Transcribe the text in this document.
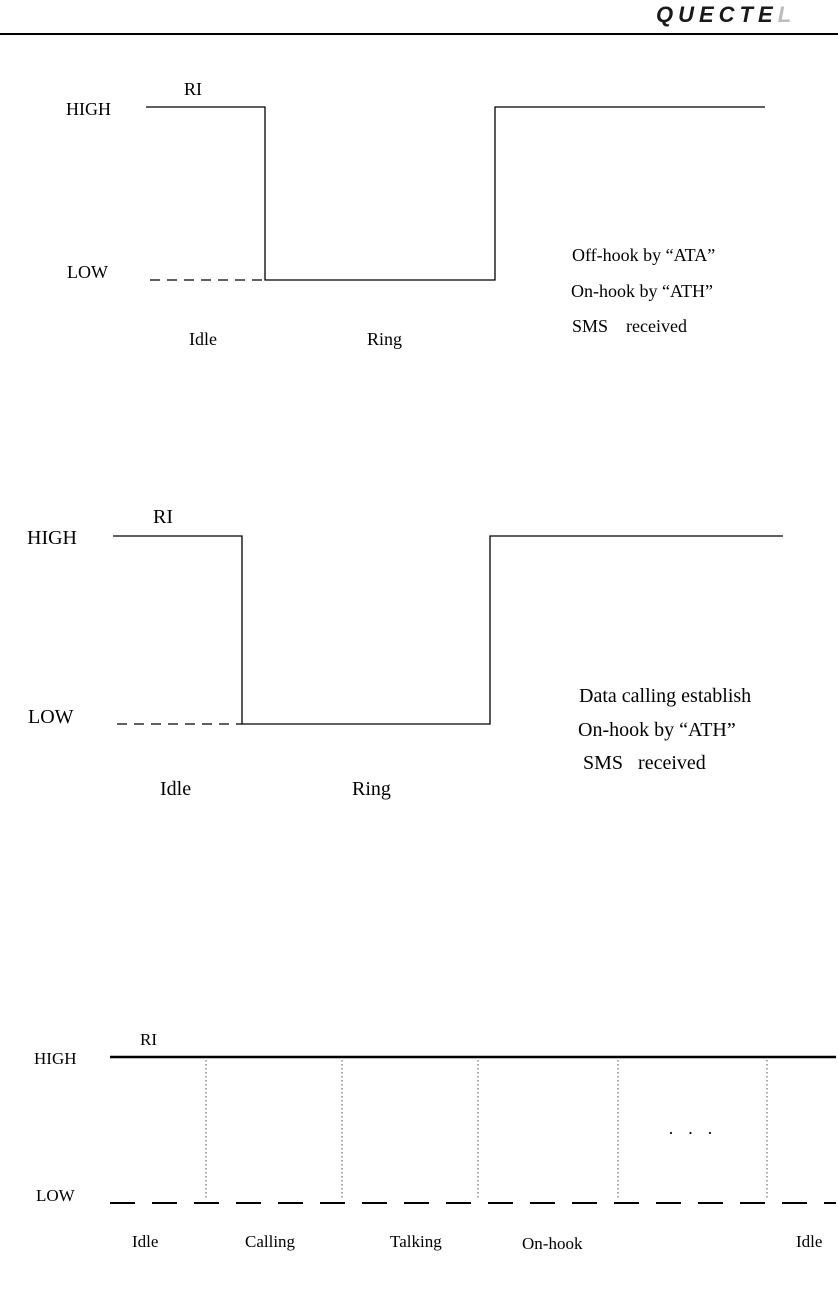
QUECTEL
RI
HIGH
LOW
Idle	Ring
Off-hook by “ATA”
On-hook by “ATH”
SMS    received
RI
HIGH
LOW
Idle	Ring
Data calling establish
On-hook by “ATH”
SMS   received
RI
HIGH
LOW
·   ·   ·
Idle	Calling	Talking	On-hook	Idle
